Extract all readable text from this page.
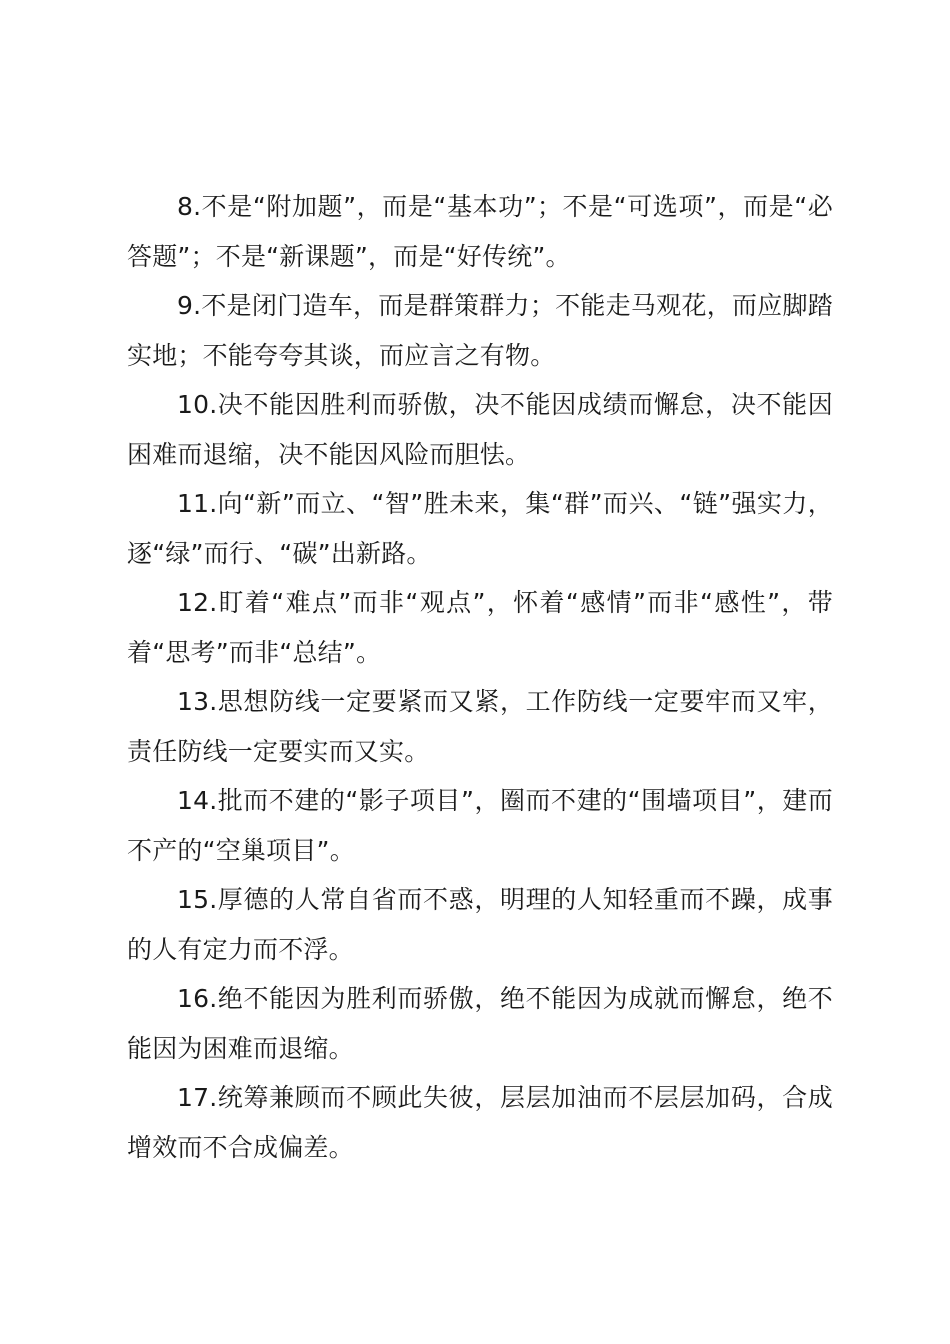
8.不是“附加题”，而是“基本功”；不是“可选项”，而是“必答题”；不是“新课题”，而是“好传统”。

9.不是闭门造车，而是群策群力；不能走马观花，而应脚踏实地；不能夸夸其谈，而应言之有物。

10.决不能因胜利而骄傲，决不能因成绩而懈怠，决不能因困难而退缩，决不能因风险而胆怯。

11.向“新”而立、“智”胜未来，集“群”而兴、“链”强实力，逐“绿”而行、“碳”出新路。

12.盯着“难点”而非“观点”，怀着“感情”而非“感性”，带着“思考”而非“总结”。

13.思想防线一定要紧而又紧，工作防线一定要牢而又牢，责任防线一定要实而又实。

14.批而不建的“影子项目”，圈而不建的“围墙项目”，建而不产的“空巢项目”。

15.厚德的人常自省而不惑，明理的人知轻重而不躁，成事的人有定力而不浮。

16.绝不能因为胜利而骄傲，绝不能因为成就而懈怠，绝不能因为困难而退缩。

17.统筹兼顾而不顾此失彼，层层加油而不层层加码，合成增效而不合成偏差。
